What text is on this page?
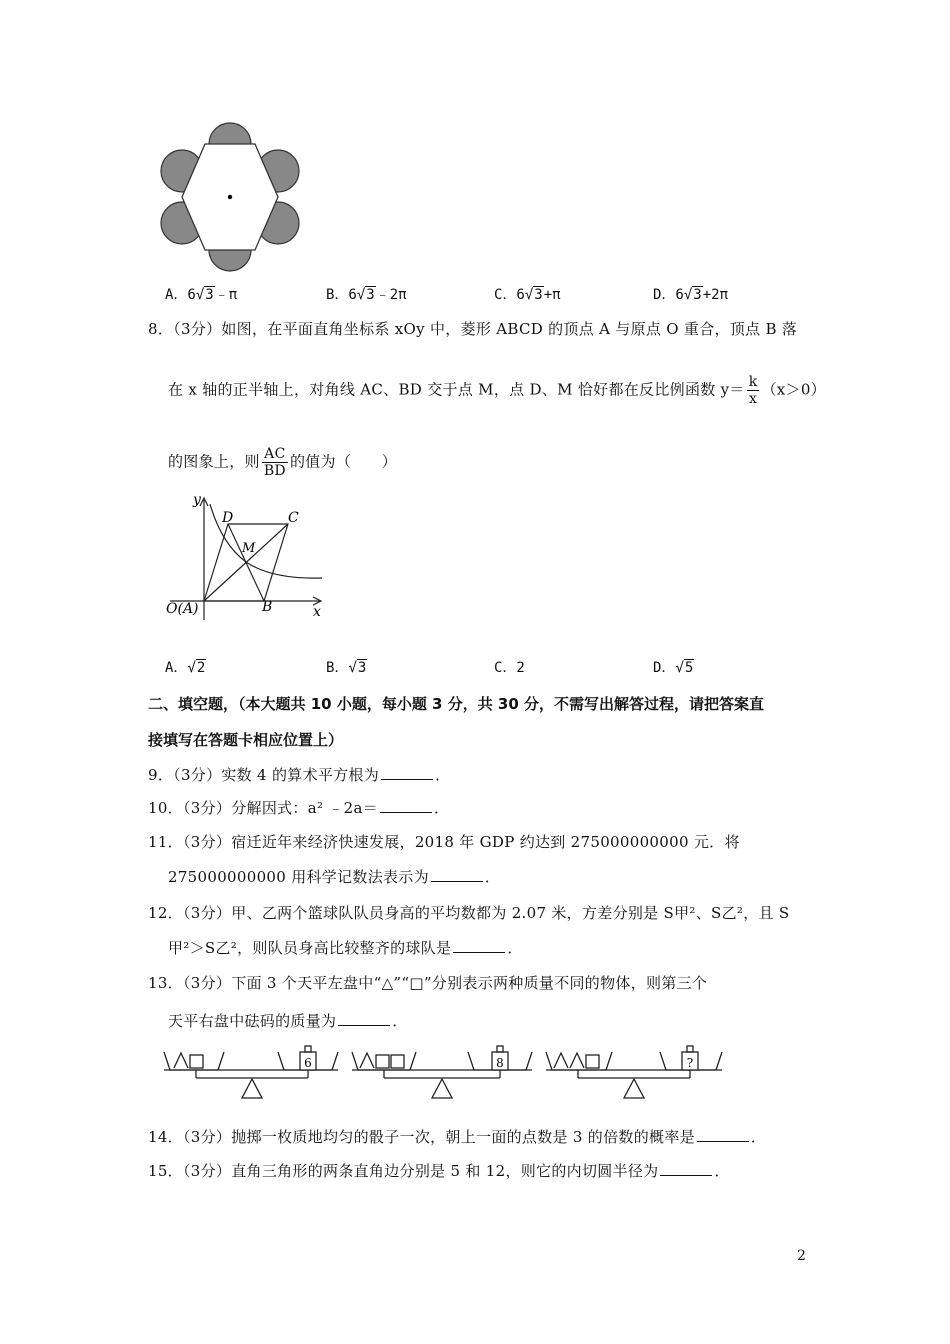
A．6√3﹣π	B．6√3﹣2π	C．6√3+π	D．6√3+2π
8．（3分）如图，在平面直角坐标系 xOy 中，菱形 ABCD 的顶点 A 与原点 O 重合，顶点 B 落
在 x 轴的正半轴上，对角线 AC、BD 交于点 M，点 D、M 恰好都在反比例函数 $y= \frac{k}{x} (x>0)$
的图象上，则 $\frac{AC}{BD}$ 的值为（　　）
y
x
D	C
M
B
O(A)
A．√2	B．√3	C．2	D．√5
二、填空题，（本大题共 10 小题，每小题 3 分，共 30 分，不需写出解答过程，请把答案直
接填写在答题卡相应位置上）
9．（3分）实数 4 的算术平方根为	．
10．（3分）分解因式：a² ﹣2a＝	．
11．（3分）宿迁近年来经济快速发展，2018 年 GDP 约达到 275000000000 元．将
275000000000 用科学记数法表示为	．
12．（3分）甲、乙两个篮球队队员身高的平均数都为 2.07 米，方差分别是 S甲²、S乙²，且 S
甲²＞S乙²，则队员身高比较整齐的球队是	．
13．（3分）下面 3 个天平左盘中“△”“□”分别表示两种质量不同的物体，则第三个
天平右盘中砝码的质量为	．
6	8	?
14．（3分）抛掷一枚质地均匀的骰子一次，朝上一面的点数是 3 的倍数的概率是	．
15．（3分）直角三角形的两条直角边分别是 5 和 12，则它的内切圆半径为	．
2
